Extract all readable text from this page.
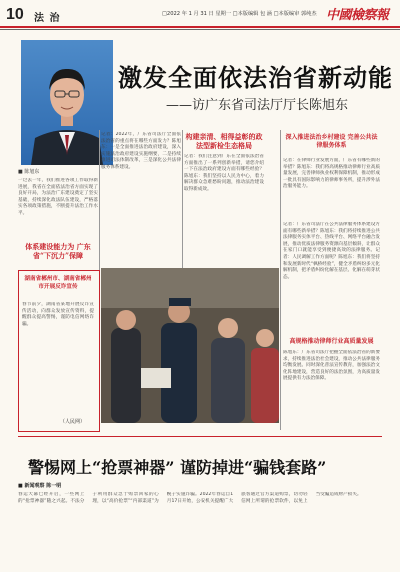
10 法 治	□2022 年 1 月 31 日 星期一 □本版编辑 包 涵 □本版编审 郭纯杰 中國檢察報
■ 陈旭东
激发全面依法治省新动能
——访广东省司法厅厅长陈旭东
一过去一年，我们推进各项工作取得新进展，我省在全面依法治省方面实现了良好开局，为法治广东建设奠定了坚实基础，持续深化政法队伍建设，严格落实各项政策措施，不断提升法治工作水平。
记者：2022年，广东省司法厅全面依法治省的重点将在哪些方面发力？陈旭东：一是全面推进法治政府建设，深入实施法治政府建设实施纲要，二是持续推进司法体制改革，三是深化公共法律服务体系建设。
构建亲清、相得益彰的政法型新检生态格局
记者：我们注意到广东在全面依法治省方面推出了一系列创新举措，请您介绍一下在法治政府建设方面有哪些经验？陈旭东：我们坚持以人民为中心，着力解决群众急难愁盼问题，推动法治建设取得新成效。
记者：在律师行业发展方面，广东省有哪些新的举措？陈旭东：我们将高规格推动律师行业高质量发展，完善律师执业权利保障机制，推动形成一批具有国际影响力的律师事务所，提升涉外法治服务能力。
陈旭东：广东省司法厅把握全面依法治省的新要求，持续推进法治社会建设，推动公共法律服务均衡发展。同时深化普法宣传教育，加强法治文化阵地建设，营造良好的法治氛围，为高质量发展提供有力法治保障。
体系建设能力为 广东省“下沉力”保障
高规格推动律师行业高质量发展
深入推进法治乡村建设 完善公共法律服务体系
记者：广东省司法厅在公共法律服务体系建设方面有哪些新举措？陈旭东：我们将持续推进公共法律服务实体平台、热线平台、网络平台融合发展，推动优质法律服务资源向基层倾斜，让群众在家门口就能享受到便捷高效的法律服务。记者：人民调解工作方面呢？陈旭东：我们将坚持和发展新时代“枫桥经验”，健全矛盾纠纷多元化解机制，把矛盾纠纷化解在基层、化解在萌芽状态。
湖南省郴州市、湖南省郴州市开展反诈宣传
春节前夕，湖南省某地开展反诈宣传活动，向群众发放宣传资料，提醒群众提高警惕，谨防电信网络诈骗。
（人民网）
警惕网上“抢票神器” 谨防掉进“骗钱套路”
■ 新闻观察 陈一明
春运大幕已经开启，一些网上的“抢票神器”随之兴起。不法分子利用群众急于购票回家的心理，以“高价抢票”“内部渠道”为幌子实施诈骗。2022年春运自1月17日开始，公安机关提醒广大旅客通过官方渠道购票，切勿轻信网上所谓的抢票软件，以免上当受骗造成财产损失。
